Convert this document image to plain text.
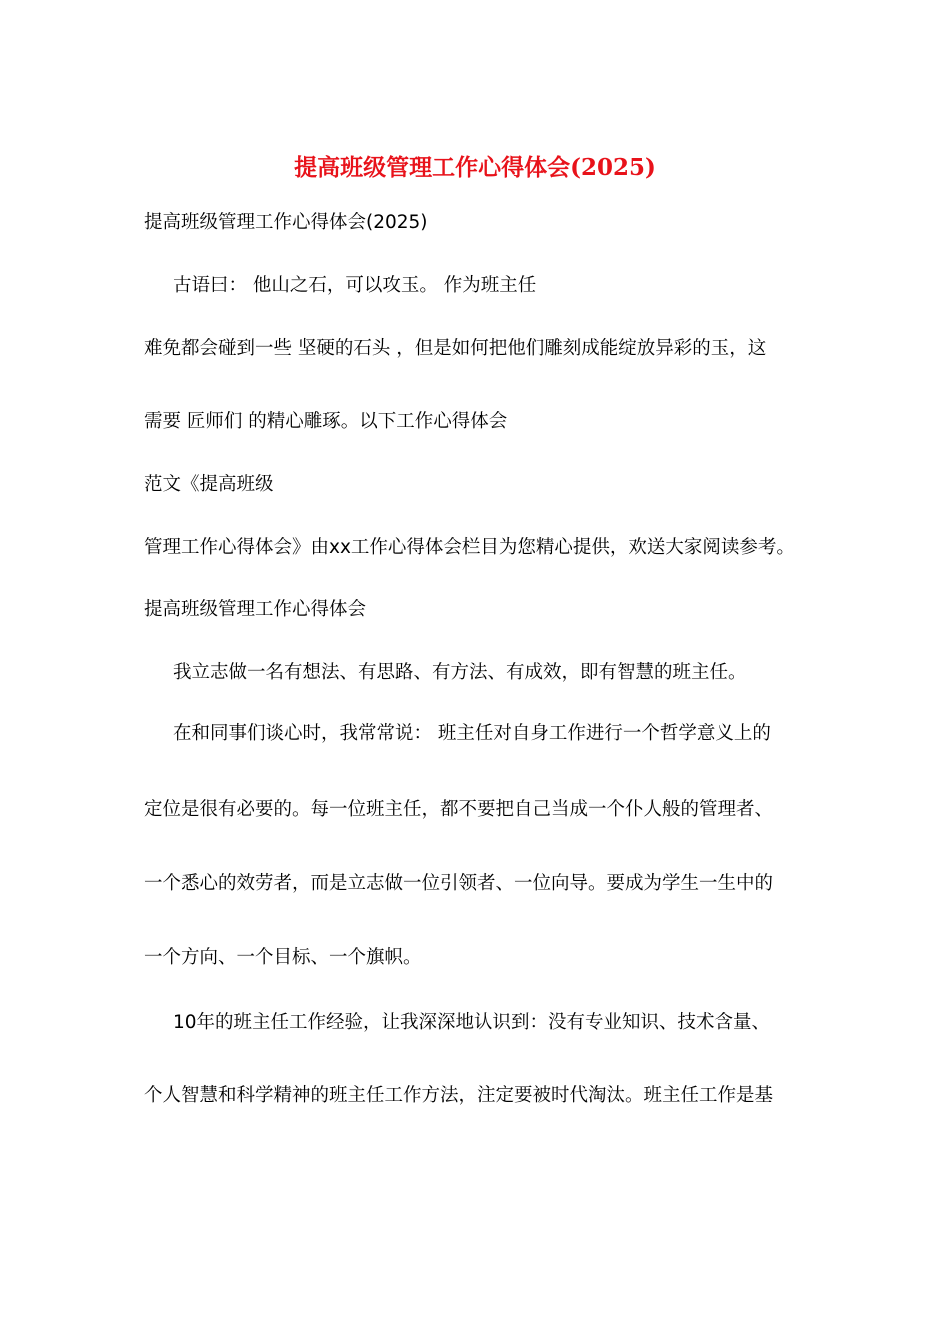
提高班级管理工作心得体会(2025)
提高班级管理工作心得体会(2025)
古语曰： 他山之石，可以攻玉。 作为班主任
难免都会碰到一些 坚硬的石头 ，但是如何把他们雕刻成能绽放异彩的玉，这
需要 匠师们 的精心雕琢。以下工作心得体会
范文《提高班级
管理工作心得体会》由xx工作心得体会栏目为您精心提供，欢送大家阅读参考。
提高班级管理工作心得体会
我立志做一名有想法、有思路、有方法、有成效，即有智慧的班主任。
在和同事们谈心时，我常常说： 班主任对自身工作进行一个哲学意义上的
定位是很有必要的。每一位班主任，都不要把自己当成一个仆人般的管理者、
一个悉心的效劳者，而是立志做一位引领者、一位向导。要成为学生一生中的
一个方向、一个目标、一个旗帜。
10年的班主任工作经验，让我深深地认识到：没有专业知识、技术含量、
个人智慧和科学精神的班主任工作方法，注定要被时代淘汰。班主任工作是基
